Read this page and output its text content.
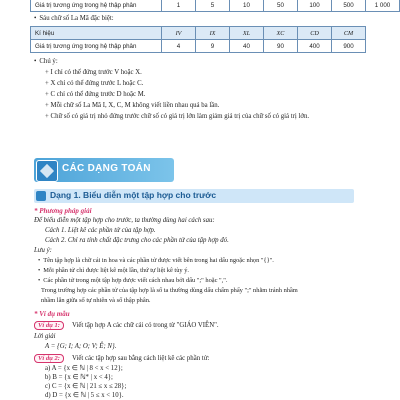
Giá trị tương ứng trong hệ thập phân	1	5	10	50	100	500	1 000
• Sáu chữ số La Mã đặc biệt:
Kí hiệu	IV	IX	XL	XC	CD	CM
Giá trị tương ứng trong hệ thập phân	4	9	40	90	400	900
• Chú ý:
+ I chỉ có thể đứng trước V hoặc X.
+ X chỉ có thể đứng trước L hoặc C.
+ C chỉ có thể đứng trước D hoặc M.
+ Mỗi chữ số La Mã I, X, C, M không viết liền nhau quá ba lần.
+ Chữ số có giá trị nhỏ đứng trước chữ số có giá trị lớn làm giảm giá trị của chữ số có giá trị lớn.
CÁC DẠNG TOÁN
Dạng 1. Biểu diễn một tập hợp cho trước
* Phương pháp giải
Để biểu diễn một tập hợp cho trước, ta thường dùng hai cách sau:
Cách 1. Liệt kê các phần tử của tập hợp.
Cách 2. Chỉ ra tính chất đặc trưng cho các phần tử của tập hợp đó.
Lưu ý:
• Tên tập hợp là chữ cái in hoa và các phần tử được viết bên trong hai dấu ngoặc nhọn "{}".
• Mỗi phần tử chỉ được liệt kê một lần, thứ tự liệt kê tùy ý.
• Các phần tử trong một tập hợp được viết cách nhau bởi dấu ";" hoặc ",".
Trong trường hợp các phần tử của tập hợp là số ta thường dùng dấu chấm phẩy ";" nhằm tránh nhầm
nhầm lẫn giữa số tự nhiên và số thập phân.
* Ví dụ mẫu
Ví dụ 1:	Viết tập hợp A các chữ cái có trong từ "GIÁO VIÊN".
Lời giải
A = {G; I; A; O; V; Ê; N}.
Ví dụ 2:	Viết các tập hợp sau bằng cách liệt kê các phần tử:
a) A = {x ∈ ℕ | 8 < x < 12};
b) B = {x ∈ ℕ* | x < 4};
c) C = {x ∈ ℕ | 21 ≤ x ≤ 28};
d) D = {x ∈ ℕ | 5 ≤ x < 10}.
